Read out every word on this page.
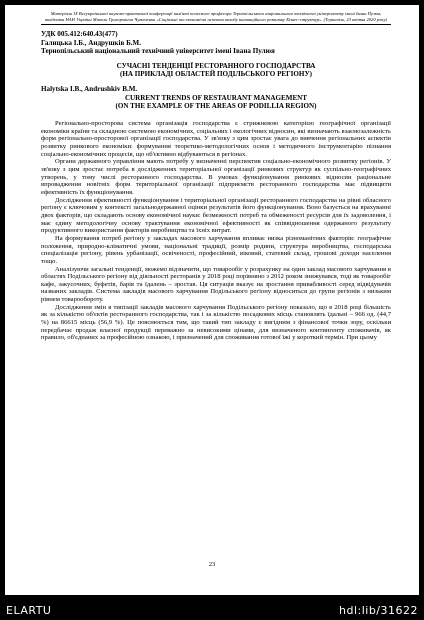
Матеріали IX Всеукраїнської науково-практичної конференції пам'яті почесного професора Тернопільського національного технічного університету імені Івана Пулюя, академіка НАН України Миколи Григоровича Чумаченка «Соціальні та економічні аспекти виходу інноваційного розвитку Бізнес-структур». (Тернопіль, 23 квітня 2020 року)
УДК 005.412:640.43(477)
Галицька І.Б., Андрушків Б.М.
Тернопільський національний технічний університет імені Івана Пулюя
СУЧАСНІ ТЕНДЕНЦІЇ РЕСТОРАННОГО ГОСПОДАРСТВА
(НА ПРИКЛАДІ ОБЛАСТЕЙ ПОДІЛЬСЬКОГО РЕГІОНУ)
Halytska I.B., Andrushkiv B.M.
CURRENT TRENDS OF RESTAURANT MANAGEMENT
(ON THE EXAMPLE OF THE AREAS OF PODILLIA REGION)

Регіонально-просторова система організація господарства є стрижневою категорією географічної організації економіки країни та складною системою економічних, соціальних і екологічних відносин, які визначають взаємозалежність форм регіонально-просторової організації господарства. У зв'язку з цим зростає увага до вивчення регіональних аспектів розвитку ринкового економіки: формування теоретико-методологічних основ і методичного інструментарію пізнання соціально-економічних процесів, що об'єктивно відбуваються в регіонах.

Органи державного управління мають потребу у визначенні перспектив соціально-економічного розвитку регіонів. У зв'язку з цим зростає потреба в дослідженнях територіальної організації ринкових структур як суспільно-географічних утворень, у тому числі ресторанного господарства. В умовах функціонування ринкових відносин раціональне впровадження новітніх форм територіальної організації підприємств ресторанного господарства має підвищити ефективність їх функціонування.

Дослідження ефективності функціонування і територіальної організації ресторанного господарства на рівні обласного регіону є ключовим у контексті загальнодержавної оцінки результатів його функціонування. Воно базується на врахуванні двох факторів, що складають основу економічної науки: безмежності потреб та обмеженості ресурсів для їх задоволення, і має єдину методологічну основу трактування економічної ефективності як співвідношення одержаного результату продуктивного використання факторів виробництва та їхніх витрат.

На формування потреб регіону у закладах масового харчування впливає низка різноманітних факторів: географічне положення, природно-кліматичні умови, національні традиції, розмір родини, структура виробництва, господарська спеціалізація регіону, рівень урбанізації, освіченості, професійний, віковий, статевий склад, грошові доходи населення тощо.

Аналізуючи загальні тенденції, можемо відзначити, що товарообіг у розрахунку на один заклад масового харчування в областях Подільського регіону від діяльності ресторанів у 2018 році порівняно з 2012 роком знижувався, тоді як товарообіг кафе, закусочних, буфетів, барів та їдалень – зростав. Ця ситуація вказує на зростання привабливості серед відвідувачів названих закладів. Система закладів масового харчування Подільського регіону відноситься до групи регіонів з низьким рівнем товарообороту.

Дослідження змін в типізації закладів масового харчування Подільського регіону показало, що в 2018 році більшість як за кількістю об'єктів ресторанного господарства, так і за кількістю посадкових місць становлять їдальні – 966 од. (44,7 %) на 86615 місць (56,9 %). Це пояснюється тим, що такий тип закладу є вигідним з фінансової точки зору, оскільки передбачає продаж власної продукції переважно за невисокими цінами, для визначеного контингенту споживачів, як правило, об'єднаних за професійною ознакою, і призначений для споживання готової їжі у короткий термін. При цьому

23
ELARTU	hdl:lib/31622
